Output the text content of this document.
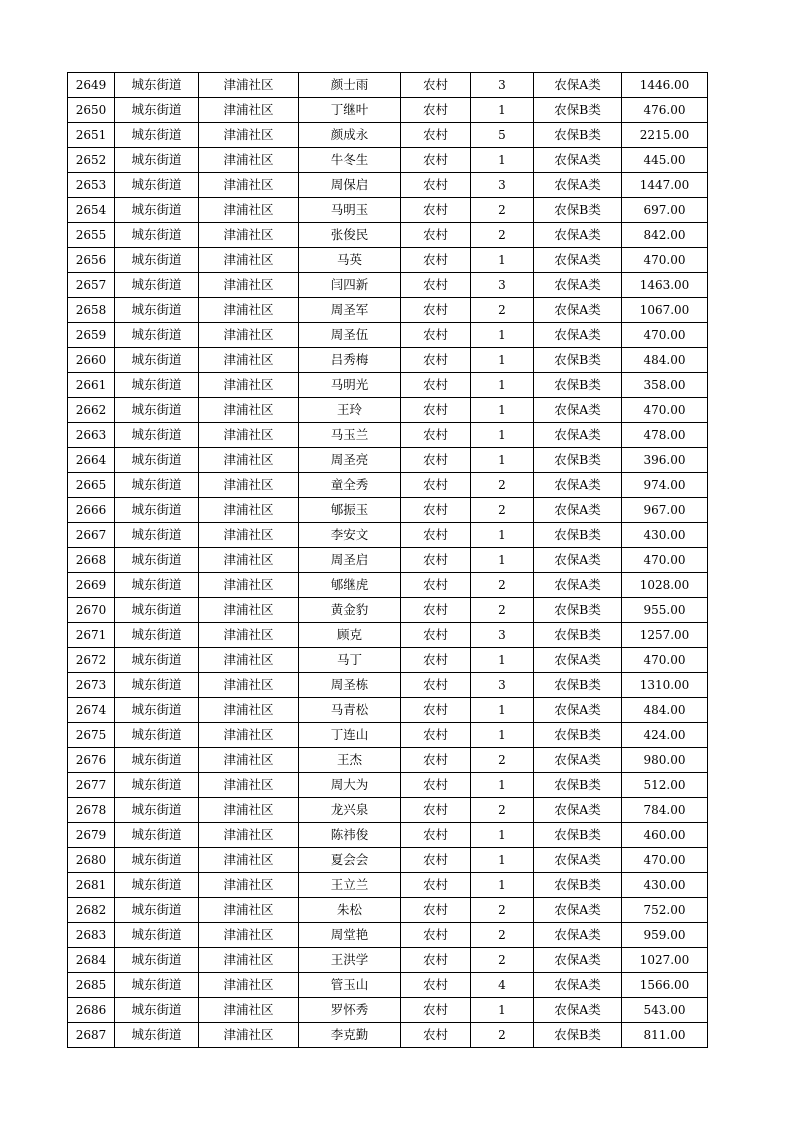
2649	城东街道	津浦社区	颜士雨	农村	3	农保A类	1446.00
2650	城东街道	津浦社区	丁继叶	农村	1	农保B类	476.00
2651	城东街道	津浦社区	颜成永	农村	5	农保B类	2215.00
2652	城东街道	津浦社区	牛冬生	农村	1	农保A类	445.00
2653	城东街道	津浦社区	周保启	农村	3	农保A类	1447.00
2654	城东街道	津浦社区	马明玉	农村	2	农保B类	697.00
2655	城东街道	津浦社区	张俊民	农村	2	农保A类	842.00
2656	城东街道	津浦社区	马英	农村	1	农保A类	470.00
2657	城东街道	津浦社区	闫四新	农村	3	农保A类	1463.00
2658	城东街道	津浦社区	周圣军	农村	2	农保A类	1067.00
2659	城东街道	津浦社区	周圣伍	农村	1	农保A类	470.00
2660	城东街道	津浦社区	吕秀梅	农村	1	农保B类	484.00
2661	城东街道	津浦社区	马明光	农村	1	农保B类	358.00
2662	城东街道	津浦社区	王玲	农村	1	农保A类	470.00
2663	城东街道	津浦社区	马玉兰	农村	1	农保A类	478.00
2664	城东街道	津浦社区	周圣亮	农村	1	农保B类	396.00
2665	城东街道	津浦社区	童全秀	农村	2	农保A类	974.00
2666	城东街道	津浦社区	郇振玉	农村	2	农保A类	967.00
2667	城东街道	津浦社区	李安文	农村	1	农保B类	430.00
2668	城东街道	津浦社区	周圣启	农村	1	农保A类	470.00
2669	城东街道	津浦社区	郇继虎	农村	2	农保A类	1028.00
2670	城东街道	津浦社区	黄金豹	农村	2	农保B类	955.00
2671	城东街道	津浦社区	顾克	农村	3	农保B类	1257.00
2672	城东街道	津浦社区	马丁	农村	1	农保A类	470.00
2673	城东街道	津浦社区	周圣栋	农村	3	农保B类	1310.00
2674	城东街道	津浦社区	马青松	农村	1	农保A类	484.00
2675	城东街道	津浦社区	丁连山	农村	1	农保B类	424.00
2676	城东街道	津浦社区	王杰	农村	2	农保A类	980.00
2677	城东街道	津浦社区	周大为	农村	1	农保B类	512.00
2678	城东街道	津浦社区	龙兴泉	农村	2	农保A类	784.00
2679	城东街道	津浦社区	陈祎俊	农村	1	农保B类	460.00
2680	城东街道	津浦社区	夏会会	农村	1	农保A类	470.00
2681	城东街道	津浦社区	王立兰	农村	1	农保B类	430.00
2682	城东街道	津浦社区	朱松	农村	2	农保A类	752.00
2683	城东街道	津浦社区	周堂艳	农村	2	农保A类	959.00
2684	城东街道	津浦社区	王洪学	农村	2	农保A类	1027.00
2685	城东街道	津浦社区	管玉山	农村	4	农保A类	1566.00
2686	城东街道	津浦社区	罗怀秀	农村	1	农保A类	543.00
2687	城东街道	津浦社区	李克勤	农村	2	农保B类	811.00
